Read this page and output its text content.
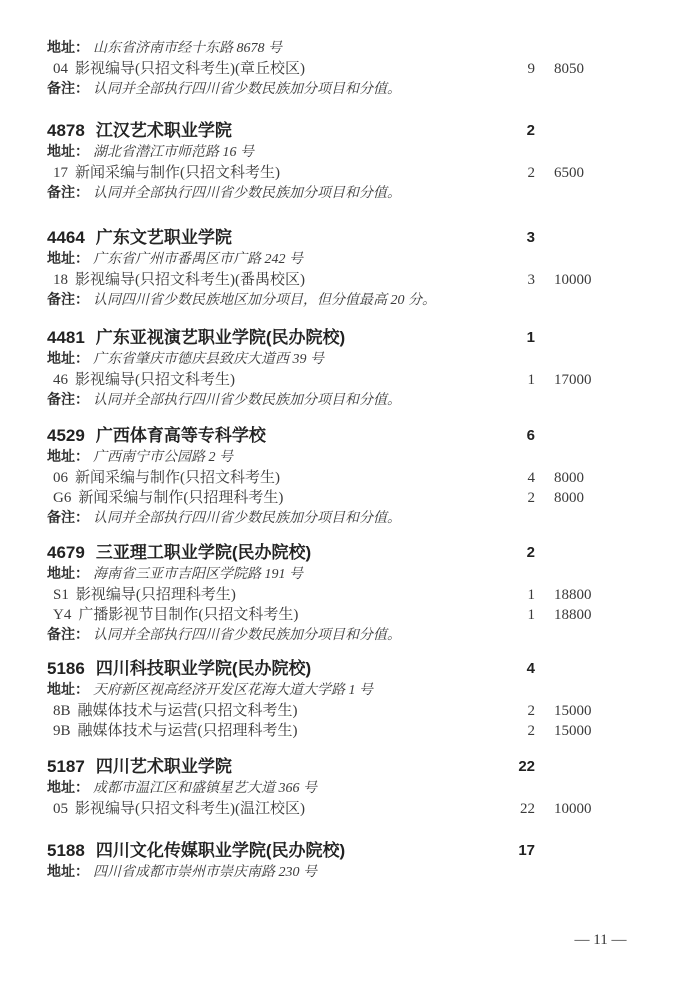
地址： 山东省济南市经十东路 8678 号
04 影视编导(只招文科考生)(章丘校区)	9 8050
备注： 认同并全部执行四川省少数民族加分项目和分值。
4878 江汉艺术职业学院	2
地址： 湖北省潜江市师范路 16 号
17 新闻采编与制作(只招文科考生)	2 6500
备注： 认同并全部执行四川省少数民族加分项目和分值。
4464 广东文艺职业学院	3
地址： 广东省广州市番禺区市广路 242 号
18 影视编导(只招文科考生)(番禺校区)	3 10000
备注： 认同四川省少数民族地区加分项目，但分值最高 20 分。
4481 广东亚视演艺职业学院(民办院校)	1
地址： 广东省肇庆市德庆县致庆大道西 39 号
46 影视编导(只招文科考生)	1 17000
备注： 认同并全部执行四川省少数民族加分项目和分值。
4529 广西体育高等专科学校	6
地址： 广西南宁市公园路 2 号
06 新闻采编与制作(只招文科考生)	4 8000
G6 新闻采编与制作(只招理科考生)	2 8000
备注： 认同并全部执行四川省少数民族加分项目和分值。
4679 三亚理工职业学院(民办院校)	2
地址： 海南省三亚市吉阳区学院路 191 号
S1 影视编导(只招理科考生)	1 18800
Y4 广播影视节目制作(只招文科考生)	1 18800
备注： 认同并全部执行四川省少数民族加分项目和分值。
5186 四川科技职业学院(民办院校)	4
地址： 天府新区视高经济开发区花海大道大学路 1 号
8B 融媒体技术与运营(只招文科考生)	2 15000
9B 融媒体技术与运营(只招理科考生)	2 15000
5187 四川艺术职业学院	22
地址： 成都市温江区和盛镇星艺大道 366 号
05 影视编导(只招文科考生)(温江校区)	22 10000
5188 四川文化传媒职业学院(民办院校)	17
地址： 四川省成都市崇州市崇庆南路 230 号
— 11 —
